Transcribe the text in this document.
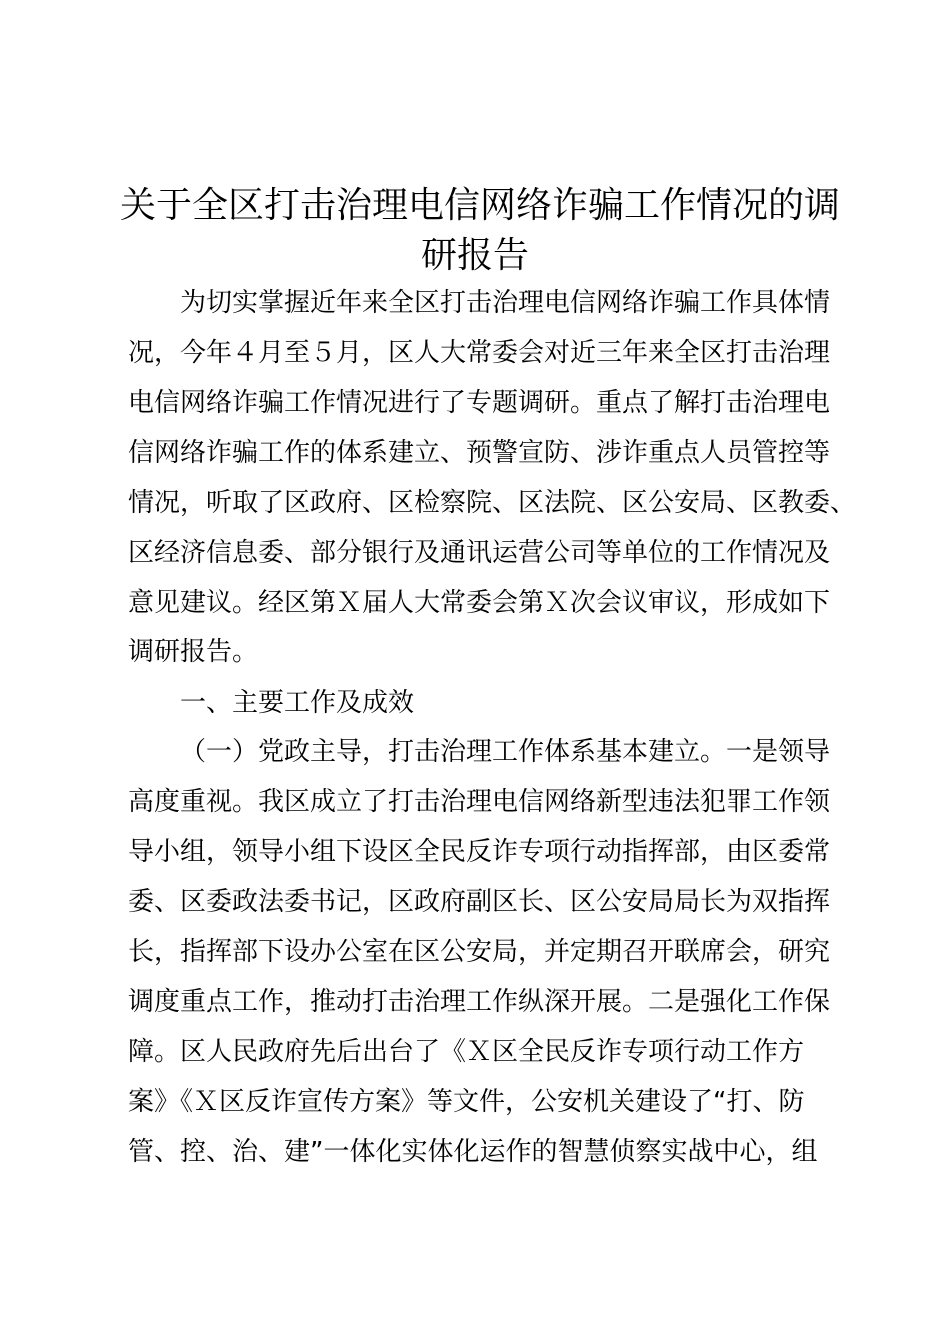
关于全区打击治理电信网络诈骗工作情况的调
研报告

为切实掌握近年来全区打击治理电信网络诈骗工作具体情

况，今年４月至５月，区人大常委会对近三年来全区打击治理

电信网络诈骗工作情况进行了专题调研。重点了解打击治理电

信网络诈骗工作的体系建立、预警宣防、涉诈重点人员管控等

情况，听取了区政府、区检察院、区法院、区公安局、区教委、

区经济信息委、部分银行及通讯运营公司等单位的工作情况及

意见建议。经区第Ｘ届人大常委会第Ｘ次会议审议，形成如下

调研报告。

一、主要工作及成效

（一）党政主导，打击治理工作体系基本建立。一是领导

高度重视。我区成立了打击治理电信网络新型违法犯罪工作领

导小组，领导小组下设区全民反诈专项行动指挥部，由区委常

委、区委政法委书记，区政府副区长、区公安局局长为双指挥

长，指挥部下设办公室在区公安局，并定期召开联席会，研究

调度重点工作，推动打击治理工作纵深开展。二是强化工作保

障。区人民政府先后出台了《Ｘ区全民反诈专项行动工作方

案》《Ｘ区反诈宣传方案》等文件，公安机关建设了“打、防

管、控、治、建”一体化实体化运作的智慧侦察实战中心，组
